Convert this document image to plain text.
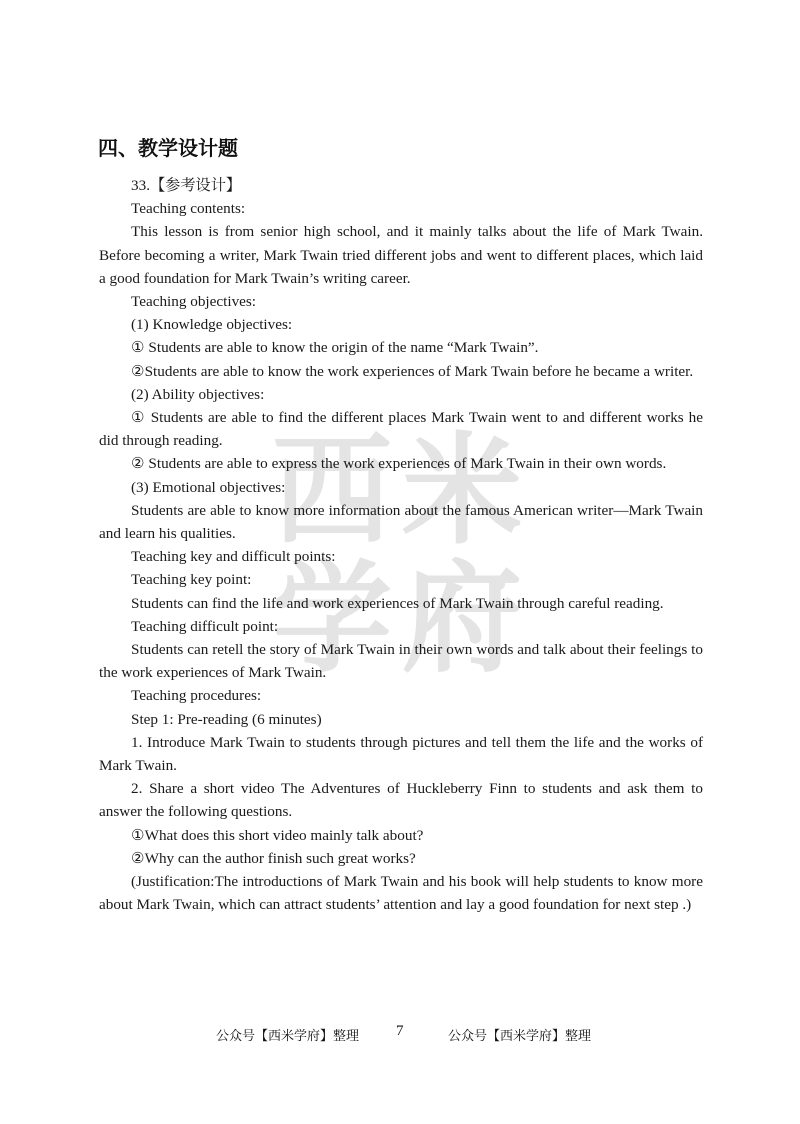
西 米
学 府
四、教学设计题

33.【参考设计】

Teaching contents:

This lesson is from senior high school, and it mainly talks about the life of Mark Twain. Before becoming a writer, Mark Twain tried different jobs and went to different places, which laid a good foundation for Mark Twain’s writing career.

Teaching objectives:

(1) Knowledge objectives:

① Students are able to know the origin of the name “Mark Twain”.

②Students are able to know the work experiences of Mark Twain before he became a writer.

(2) Ability objectives:

① Students are able to find the different places Mark Twain went to and different works he did through reading.

② Students are able to express the work experiences of Mark Twain in their own words.

(3) Emotional objectives:

Students are able to know more information about the famous American writer—Mark Twain and learn his qualities.

Teaching key and difficult points:

Teaching key point:

Students can find the life and work experiences of Mark Twain through careful reading.

Teaching difficult point:

Students can retell the story of Mark Twain in their own words and talk about their feelings to the work experiences of Mark Twain.

Teaching procedures:

Step 1: Pre-reading (6 minutes)

1. Introduce Mark Twain to students through pictures and tell them the life and the works of Mark Twain.

2. Share a short video The Adventures of Huckleberry Finn to students and ask them to answer the following questions.

①What does this short video mainly talk about?

②Why can the author finish such great works?

(Justification:The introductions of Mark Twain and his book will help students to know more about Mark Twain, which can attract students’ attention and lay a good foundation for next step .)

公众号【西米学府】整理 7	公众号【西米学府】整理
